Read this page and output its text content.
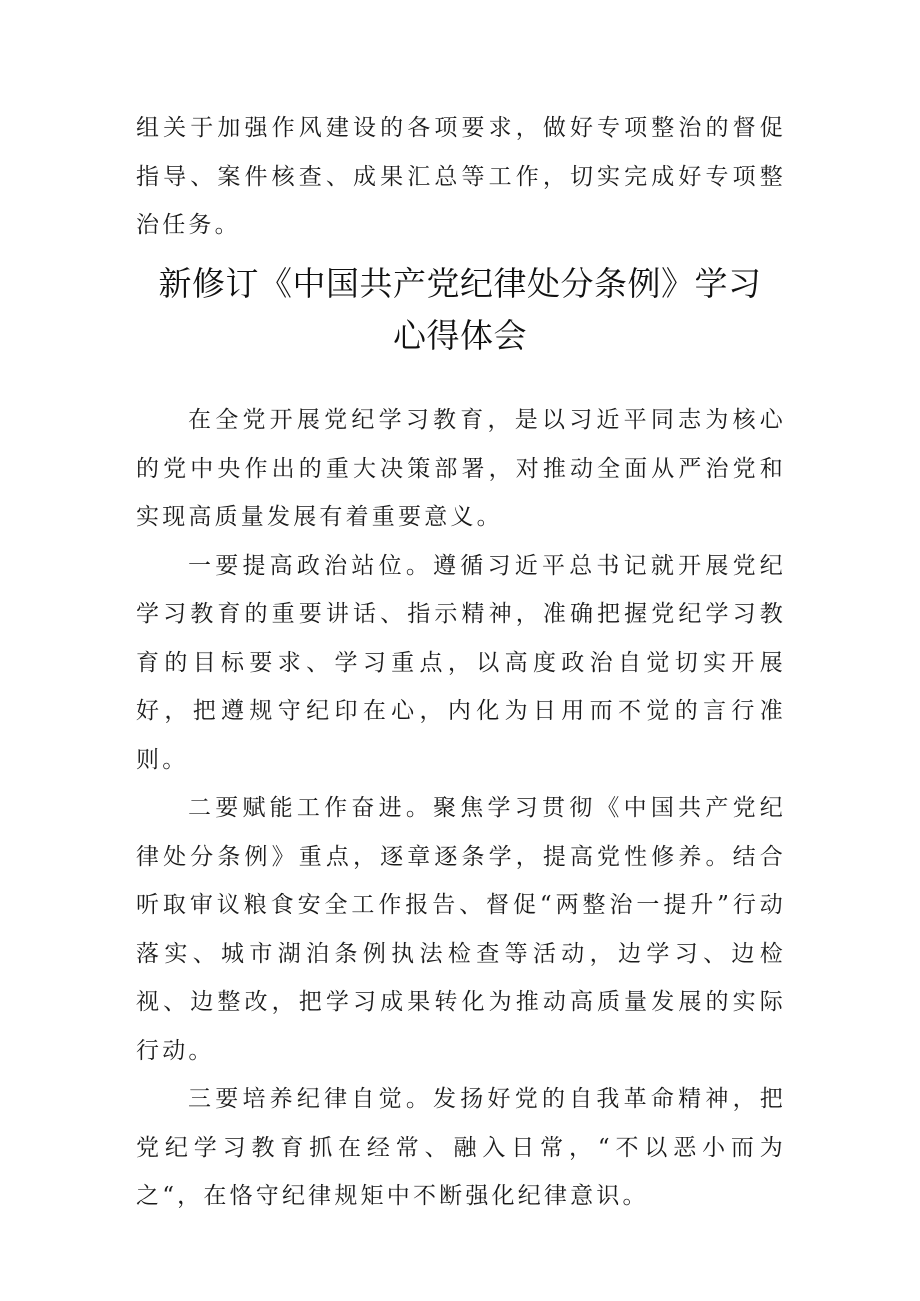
组关于加强作风建设的各项要求，做好专项整治的督促指导、案件核查、成果汇总等工作，切实完成好专项整治任务。

新修订《中国共产党纪律处分条例》学习
心得体会

在全党开展党纪学习教育，是以习近平同志为核心的党中央作出的重大决策部署，对推动全面从严治党和实现高质量发展有着重要意义。

一要提高政治站位。遵循习近平总书记就开展党纪学习教育的重要讲话、指示精神，准确把握党纪学习教育的目标要求、学习重点，以高度政治自觉切实开展好，把遵规守纪印在心，内化为日用而不觉的言行准则。

二要赋能工作奋进。聚焦学习贯彻《中国共产党纪律处分条例》重点，逐章逐条学，提高党性修养。结合听取审议粮食安全工作报告、督促“两整治一提升”行动落实、城市湖泊条例执法检查等活动，边学习、边检视、边整改，把学习成果转化为推动高质量发展的实际行动。

三要培养纪律自觉。发扬好党的自我革命精神，把党纪学习教育抓在经常、融入日常，“不以恶小而为之“，在恪守纪律规矩中不断强化纪律意识。
